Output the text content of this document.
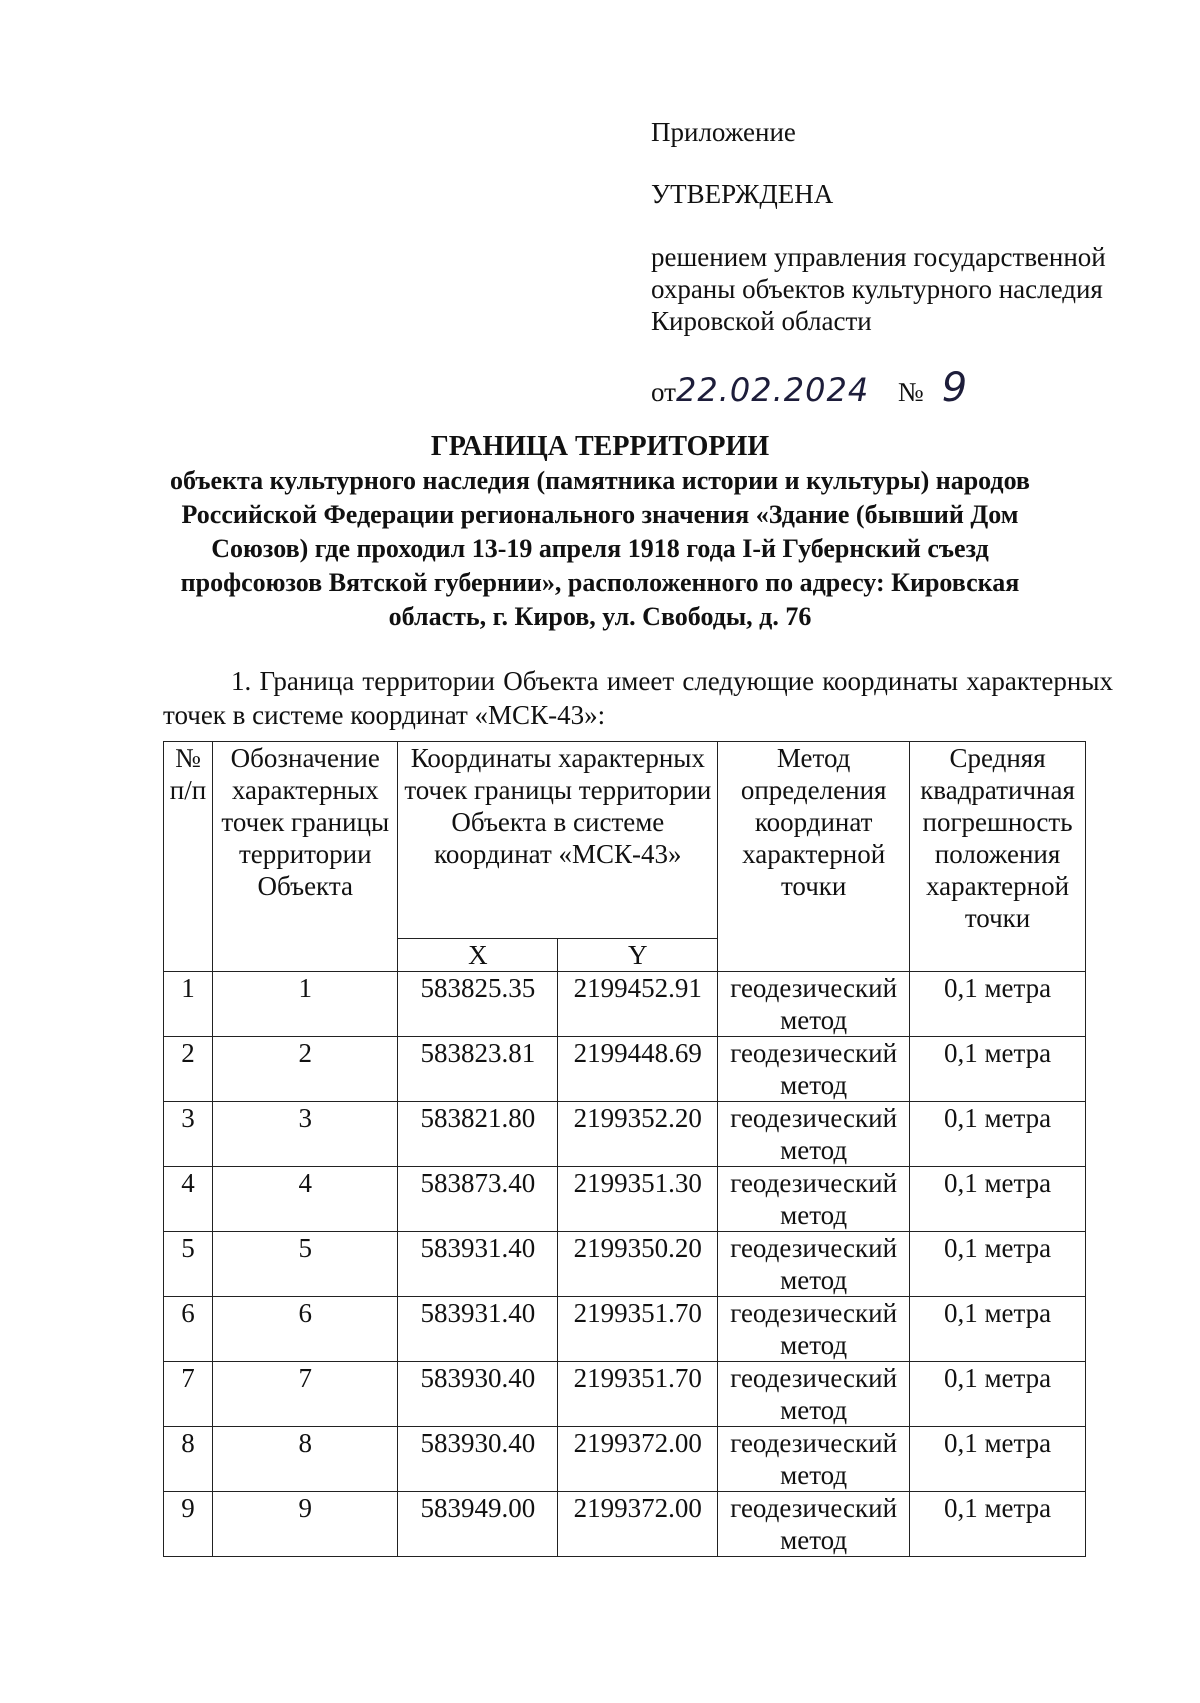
Приложение
УТВЕРЖДЕНА
решением управления государственной охраны объектов культурного наследия Кировской области
от22.02.2024 № 9
ГРАНИЦА ТЕРРИТОРИИ
объекта культурного наследия (памятника истории и культуры) народов Российской Федерации регионального значения «Здание (бывший Дом Союзов) где проходил 13-19 апреля 1918 года I-й Губернский съезд профсоюзов Вятской губернии», расположенного по адресу: Кировская область, г. Киров, ул. Свободы, д. 76
1. Граница территории Объекта имеет следующие координаты характерных точек в системе координат «МСК-43»:
№ п/п	Обозначение характерных точек границы территории Объекта	Координаты характерных точек границы территории Объекта в системе координат «МСК-43»		Метод определения координат характерной точки	Средняя квадратичная погрешность положения характерной точки
		X	Y		
1	1	583825.35	2199452.91	геодезический метод	0,1 метра
2	2	583823.81	2199448.69	геодезический метод	0,1 метра
3	3	583821.80	2199352.20	геодезический метод	0,1 метра
4	4	583873.40	2199351.30	геодезический метод	0,1 метра
5	5	583931.40	2199350.20	геодезический метод	0,1 метра
6	6	583931.40	2199351.70	геодезический метод	0,1 метра
7	7	583930.40	2199351.70	геодезический метод	0,1 метра
8	8	583930.40	2199372.00	геодезический метод	0,1 метра
9	9	583949.00	2199372.00	геодезический метод	0,1 метра
